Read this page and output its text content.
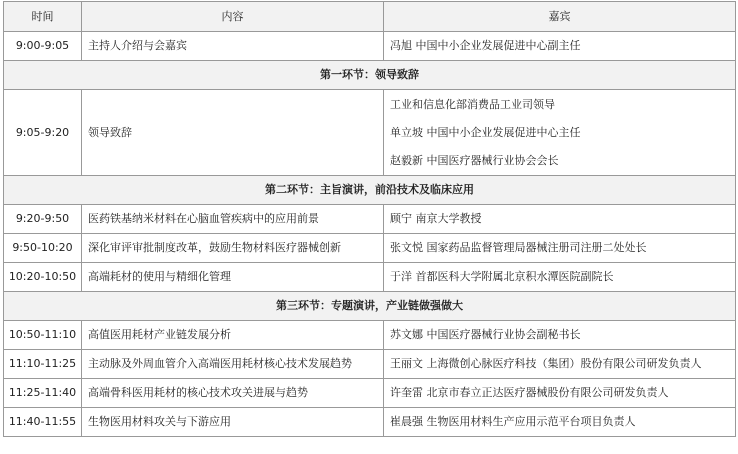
时间	内容	嘉宾
9:00-9:05	主持人介绍与会嘉宾	冯旭 中国中小企业发展促进中心副主任
第一环节：领导致辞		
9:05-9:20	领导致辞	工业和信息化部消费品工业司领导
单立坡 中国中小企业发展促进中心主任
赵毅新 中国医疗器械行业协会会长

第二环节：主旨演讲，前沿技术及临床应用		
9:20-9:50	医药铁基纳米材料在心脑血管疾病中的应用前景	顾宁 南京大学教授
9:50-10:20	深化审评审批制度改革，鼓励生物材料医疗器械创新	张文悦 国家药品监督管理局器械注册司注册二处处长
10:20-10:50	高端耗材的使用与精细化管理	于洋 首都医科大学附属北京积水潭医院副院长
第三环节：专题演讲，产业链做强做大		
10:50-11:10	高值医用耗材产业链发展分析	苏文娜 中国医疗器械行业协会副秘书长
11:10-11:25	主动脉及外周血管介入高端医用耗材核心技术发展趋势	王丽文 上海微创心脉医疗科技（集团）股份有限公司研发负责人
11:25-11:40	高端骨科医用耗材的核心技术攻关进展与趋势	许奎雷 北京市春立正达医疗器械股份有限公司研发负责人
11:40-11:55	生物医用材料攻关与下游应用	崔晨强 生物医用材料生产应用示范平台项目负责人
